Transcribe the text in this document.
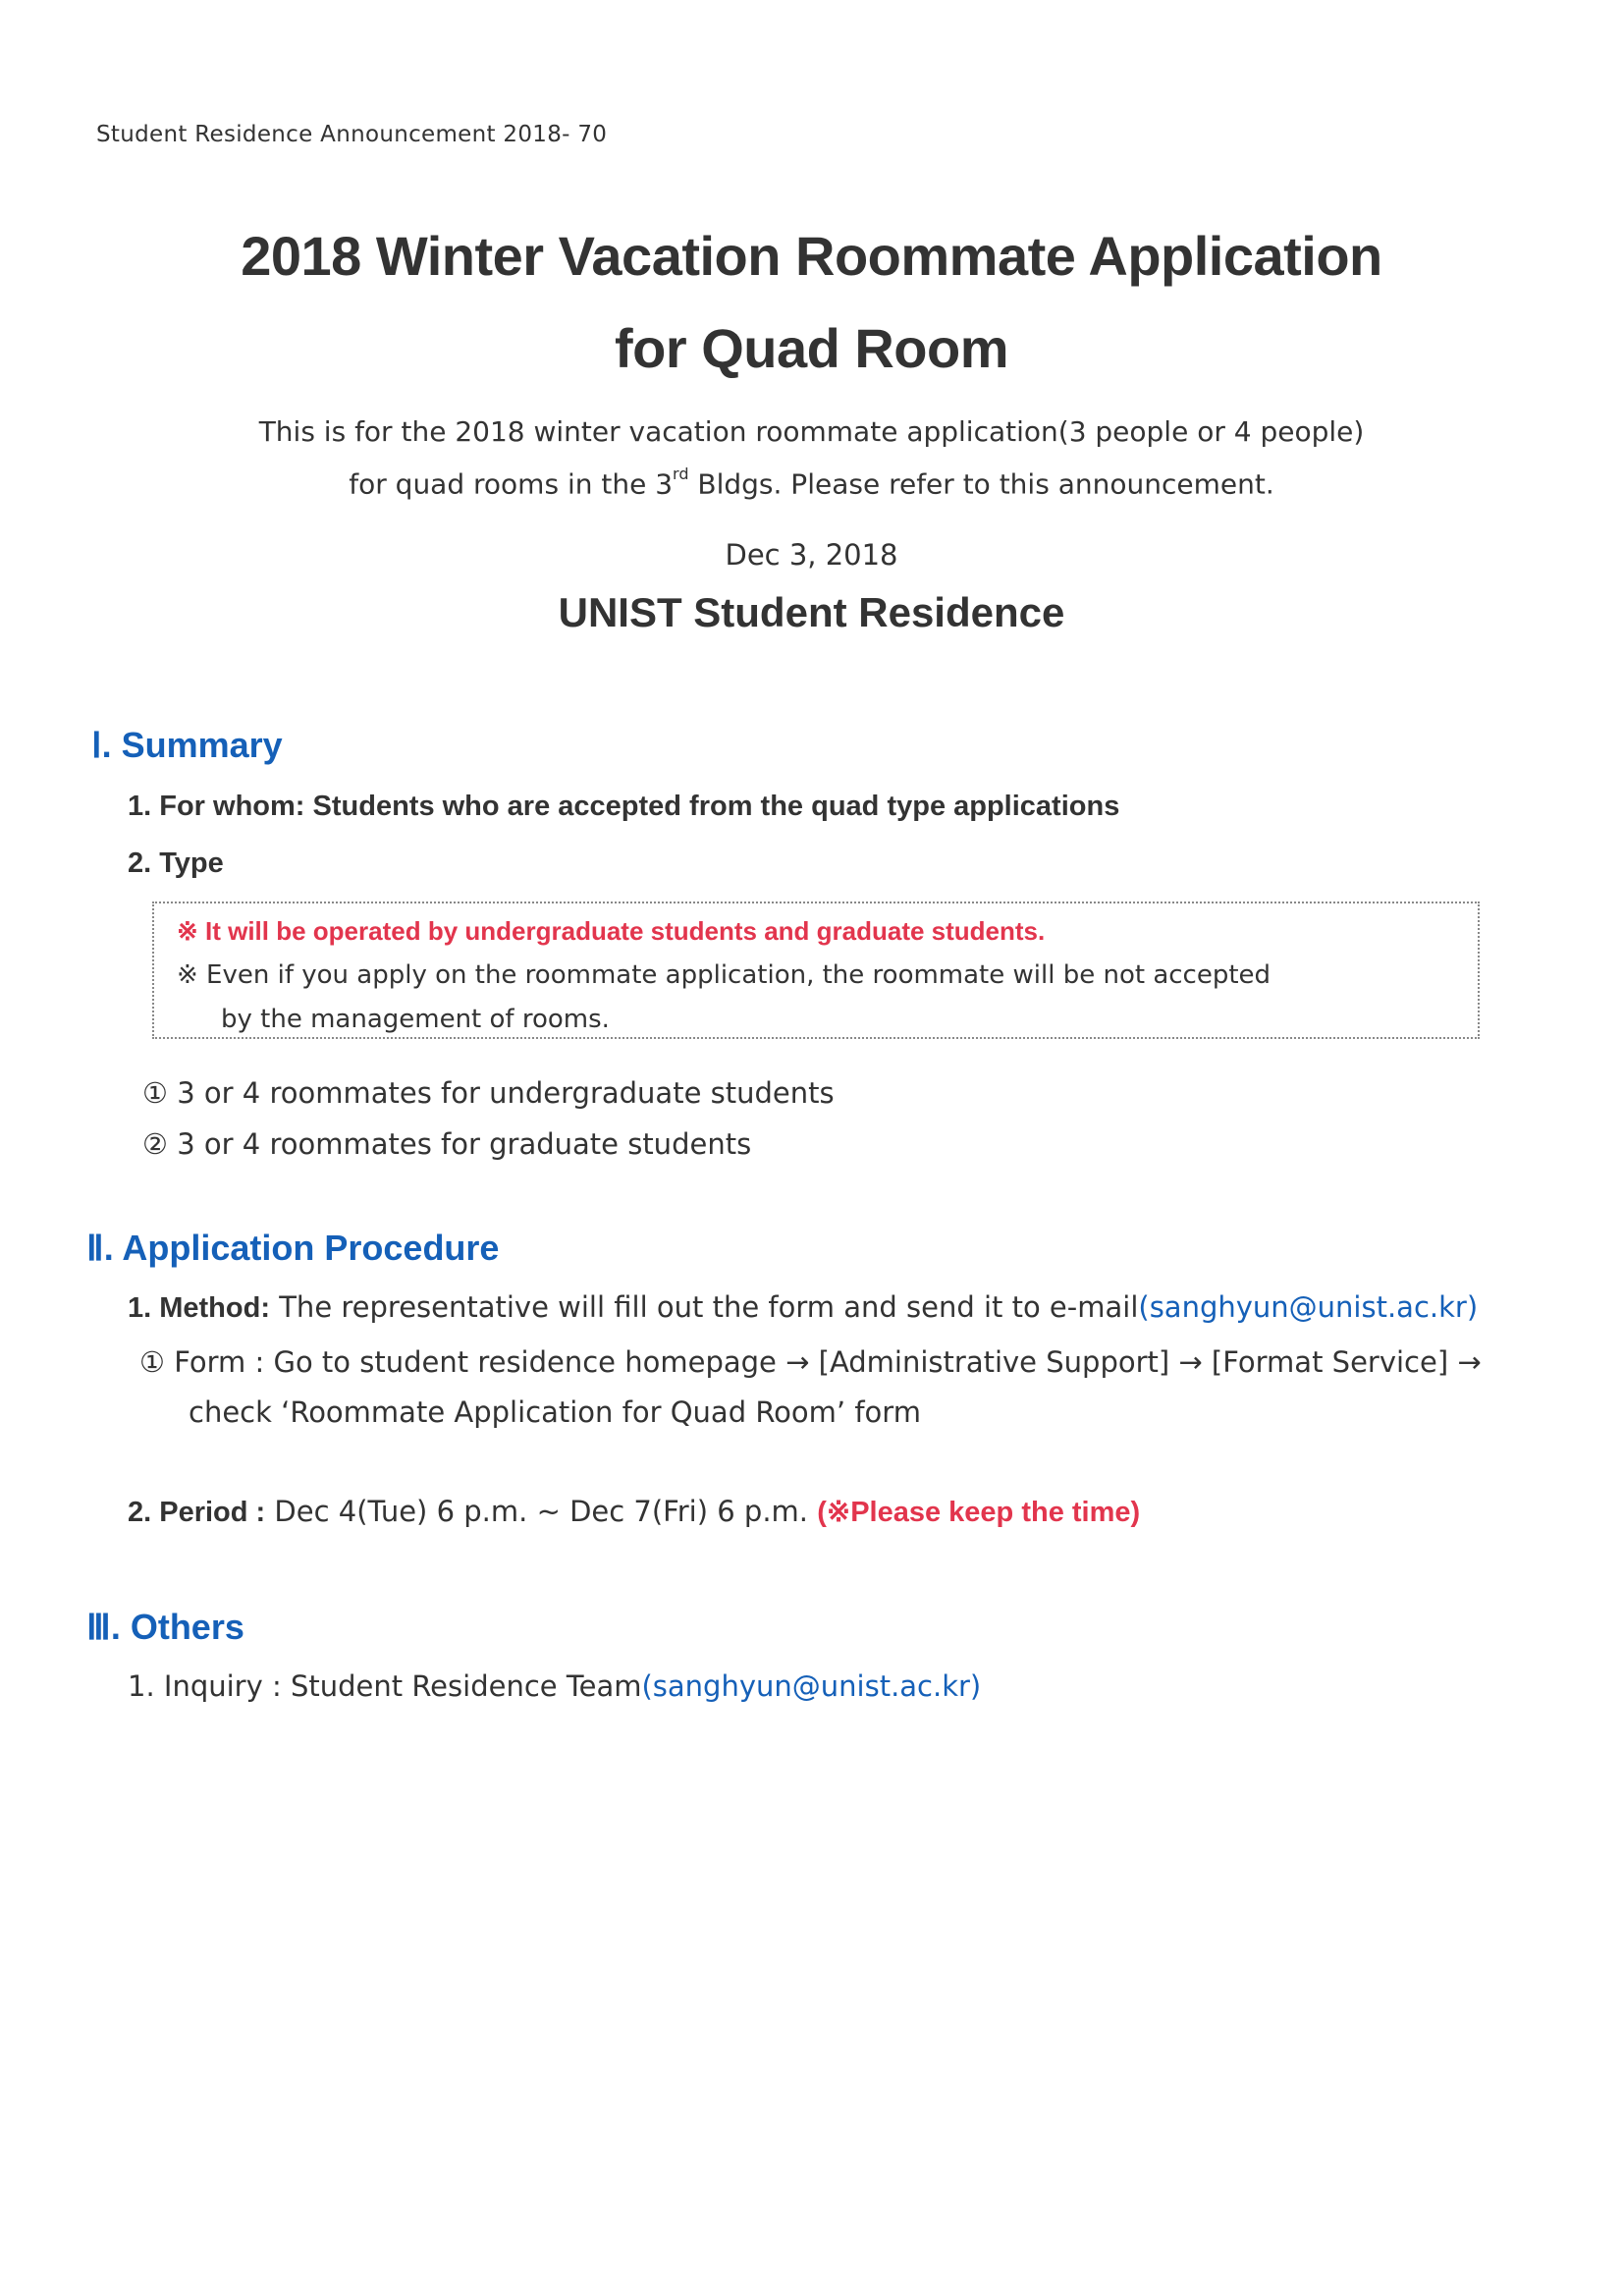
Student Residence Announcement 2018- 70
2018 Winter Vacation Roommate Application
for Quad Room
This is for the 2018 winter vacation roommate application(3 people or 4 people)
for quad rooms in the 3rd Bldgs. Please refer to this announcement.
Dec 3, 2018
UNIST Student Residence
Ⅰ. Summary
1. For whom: Students who are accepted from the quad type applications
2. Type
※ It will be operated by undergraduate students and graduate students.
※ Even if you apply on the roommate application, the roommate will be not accepted
by the management of rooms.
① 3 or 4 roommates for undergraduate students
② 3 or 4 roommates for graduate students
Ⅱ. Application Procedure
1. Method: The representative will fill out the form and send it to e-mail(sanghyun@unist.ac.kr)
① Form : Go to student residence homepage → [Administrative Support] → [Format Service] →
check ‘Roommate Application for Quad Room’ form
2. Period : Dec 4(Tue) 6 p.m. ~ Dec 7(Fri) 6 p.m. (※Please keep the time)
Ⅲ. Others
1. Inquiry : Student Residence Team(sanghyun@unist.ac.kr)
